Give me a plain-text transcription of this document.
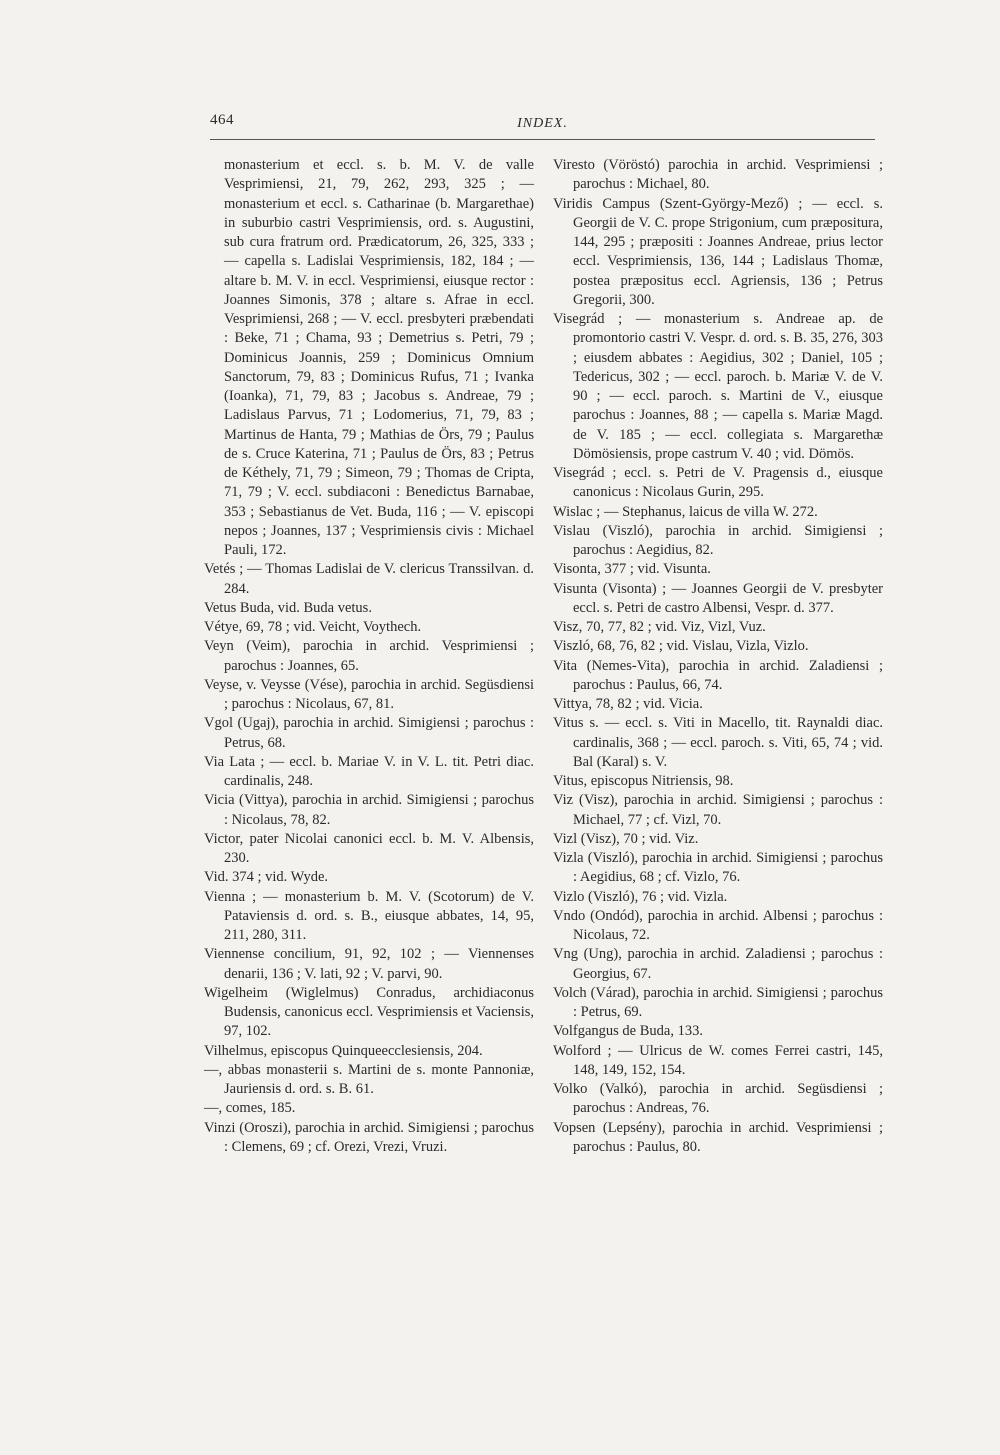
464	INDEX.

monasterium et eccl. s. b. M. V. de valle Vesprimiensi, 21, 79, 262, 293, 325 ; — monasterium et eccl. s. Catharinae (b. Margarethae) in suburbio castri Vesprimiensis, ord. s. Augustini, sub cura fratrum ord. Prædicatorum, 26, 325, 333 ; — capella s. Ladislai Vesprimiensis, 182, 184 ; — altare b. M. V. in eccl. Vesprimiensi, eiusque rector : Joannes Simonis, 378 ; altare s. Afrae in eccl. Vesprimiensi, 268 ; — V. eccl. presbyteri præbendati : Beke, 71 ; Chama, 93 ; Demetrius s. Petri, 79 ; Dominicus Joannis, 259 ; Dominicus Omnium Sanctorum, 79, 83 ; Dominicus Rufus, 71 ; Ivanka (Ioanka), 71, 79, 83 ; Jacobus s. Andreae, 79 ; Ladislaus Parvus, 71 ; Lodomerius, 71, 79, 83 ; Martinus de Hanta, 79 ; Mathias de Örs, 79 ; Paulus de s. Cruce Katerina, 71 ; Paulus de Örs, 83 ; Petrus de Kéthely, 71, 79 ; Simeon, 79 ; Thomas de Cripta, 71, 79 ; V. eccl. subdiaconi : Benedictus Barnabae, 353 ; Sebastianus de Vet. Buda, 116 ; — V. episcopi nepos ; Joannes, 137 ; Vesprimiensis civis : Michael Pauli, 172.

Vetés ; — Thomas Ladislai de V. clericus Transsilvan. d. 284.

Vetus Buda, vid. Buda vetus.

Vétye, 69, 78 ; vid. Veicht, Voythech.

Veyn (Veim), parochia in archid. Vesprimiensi ; parochus : Joannes, 65.

Veyse, v. Veysse (Vése), parochia in archid. Següsdiensi ; parochus : Nicolaus, 67, 81.

Vgol (Ugaj), parochia in archid. Simigiensi ; parochus : Petrus, 68.

Via Lata ; — eccl. b. Mariae V. in V. L. tit. Petri diac. cardinalis, 248.

Vicia (Vittya), parochia in archid. Simigiensi ; parochus : Nicolaus, 78, 82.

Victor, pater Nicolai canonici eccl. b. M. V. Albensis, 230.

Vid. 374 ; vid. Wyde.

Vienna ; — monasterium b. M. V. (Scotorum) de V. Pataviensis d. ord. s. B., eiusque abbates, 14, 95, 211, 280, 311.

Viennense concilium, 91, 92, 102 ; — Viennenses denarii, 136 ; V. lati, 92 ; V. parvi, 90.

Wigelheim (Wiglelmus) Conradus, archidiaconus Budensis, canonicus eccl. Vesprimiensis et Vaciensis, 97, 102.

Vilhelmus, episcopus Quinqueecclesiensis, 204.

—, abbas monasterii s. Martini de s. monte Pannoniæ, Jauriensis d. ord. s. B. 61.

—, comes, 185.

Vinzi (Oroszi), parochia in archid. Simigiensi ; parochus : Clemens, 69 ; cf. Orezi, Vrezi, Vruzi.

Viresto (Vöröstó) parochia in archid. Vesprimiensi ; parochus : Michael, 80.

Viridis Campus (Szent-György-Mező) ; — eccl. s. Georgii de V. C. prope Strigonium, cum præpositura, 144, 295 ; præpositi : Joannes Andreae, prius lector eccl. Vesprimiensis, 136, 144 ; Ladislaus Thomæ, postea præpositus eccl. Agriensis, 136 ; Petrus Gregorii, 300.

Visegrád ; — monasterium s. Andreae ap. de promontorio castri V. Vespr. d. ord. s. B. 35, 276, 303 ; eiusdem abbates : Aegidius, 302 ; Daniel, 105 ; Tedericus, 302 ; — eccl. paroch. b. Mariæ V. de V. 90 ; — eccl. paroch. s. Martini de V., eiusque parochus : Joannes, 88 ; — capella s. Mariæ Magd. de V. 185 ; — eccl. collegiata s. Margarethæ Dömösiensis, prope castrum V. 40 ; vid. Dömös.

Visegrád ; eccl. s. Petri de V. Pragensis d., eiusque canonicus : Nicolaus Gurin, 295.

Wislac ; — Stephanus, laicus de villa W. 272.

Vislau (Viszló), parochia in archid. Simigiensi ; parochus : Aegidius, 82.

Visonta, 377 ; vid. Visunta.

Visunta (Visonta) ; — Joannes Georgii de V. presbyter eccl. s. Petri de castro Albensi, Vespr. d. 377.

Visz, 70, 77, 82 ; vid. Viz, Vizl, Vuz.

Viszló, 68, 76, 82 ; vid. Vislau, Vizla, Vizlo.

Vita (Nemes-Vita), parochia in archid. Zaladiensi ; parochus : Paulus, 66, 74.

Vittya, 78, 82 ; vid. Vicia.

Vitus s. — eccl. s. Viti in Macello, tit. Raynaldi diac. cardinalis, 368 ; — eccl. paroch. s. Viti, 65, 74 ; vid. Bal (Karal) s. V.

Vitus, episcopus Nitriensis, 98.

Viz (Visz), parochia in archid. Simigiensi ; parochus : Michael, 77 ; cf. Vizl, 70.

Vizl (Visz), 70 ; vid. Viz.

Vizla (Viszló), parochia in archid. Simigiensi ; parochus : Aegidius, 68 ; cf. Vizlo, 76.

Vizlo (Viszló), 76 ; vid. Vizla.

Vndo (Ondód), parochia in archid. Albensi ; parochus : Nicolaus, 72.

Vng (Ung), parochia in archid. Zaladiensi ; parochus : Georgius, 67.

Volch (Várad), parochia in archid. Simigiensi ; parochus : Petrus, 69.

Volfgangus de Buda, 133.

Wolford ; — Ulricus de W. comes Ferrei castri, 145, 148, 149, 152, 154.

Volko (Valkó), parochia in archid. Següsdiensi ; parochus : Andreas, 76.

Vopsen (Lepsény), parochia in archid. Vesprimiensi ; parochus : Paulus, 80.
